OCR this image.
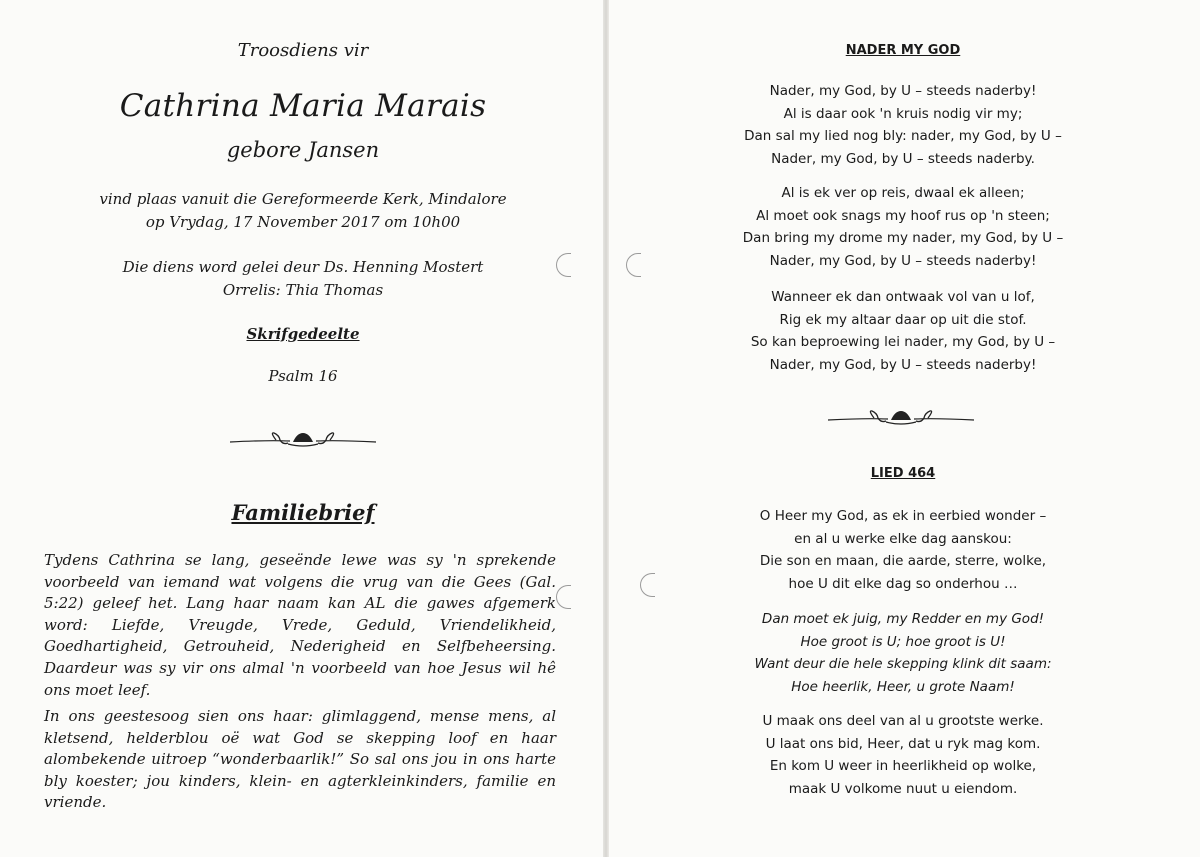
Troosdiens vir
Cathrina Maria Marais
gebore Jansen
vind plaas vanuit die Gereformeerde Kerk, Mindalore
op Vrydag, 17 November 2017 om 10h00
Die diens word gelei deur Ds. Henning Mostert
Orrelis: Thia Thomas
Skrifgedeelte
Psalm 16
Familiebrief
Tydens Cathrina se lang, geseënde lewe was sy 'n sprekende voorbeeld van iemand wat volgens die vrug van die Gees (Gal. 5:22) geleef het. Lang haar naam kan AL die gawes afgemerk word: Liefde, Vreugde, Vrede, Geduld, Vriendelikheid, Goedhartigheid, Getrouheid, Nederigheid en Selfbeheersing. Daardeur was sy vir ons almal 'n voorbeeld van hoe Jesus wil hê ons moet leef.
In ons geestesoog sien ons haar: glimlaggend, mense mens, al kletsend, helderblou oë wat God se skepping loof en haar alombekende uitroep “wonderbaarlik!” So sal ons jou in ons harte bly koester; jou kinders, klein- en agterkleinkinders, familie en vriende.
NADER MY GOD
Nader, my God, by U – steeds naderby!
Al is daar ook 'n kruis nodig vir my;
Dan sal my lied nog bly: nader, my God, by U –
Nader, my God, by U – steeds naderby.
Al is ek ver op reis, dwaal ek alleen;
Al moet ook snags my hoof rus op 'n steen;
Dan bring my drome my nader, my God, by U –
Nader, my God, by U – steeds naderby!
Wanneer ek dan ontwaak vol van u lof,
Rig ek my altaar daar op uit die stof.
So kan beproewing lei nader, my God, by U –
Nader, my God, by U – steeds naderby!
LIED 464
O Heer my God, as ek in eerbied wonder –
en al u werke elke dag aanskou:
Die son en maan, die aarde, sterre, wolke,
hoe U dit elke dag so onderhou …
Dan moet ek juig, my Redder en my God!
Hoe groot is U; hoe groot is U!
Want deur die hele skepping klink dit saam:
Hoe heerlik, Heer, u grote Naam!
U maak ons deel van al u grootste werke.
U laat ons bid, Heer, dat u ryk mag kom.
En kom U weer in heerlikheid op wolke,
maak U volkome nuut u eiendom.
